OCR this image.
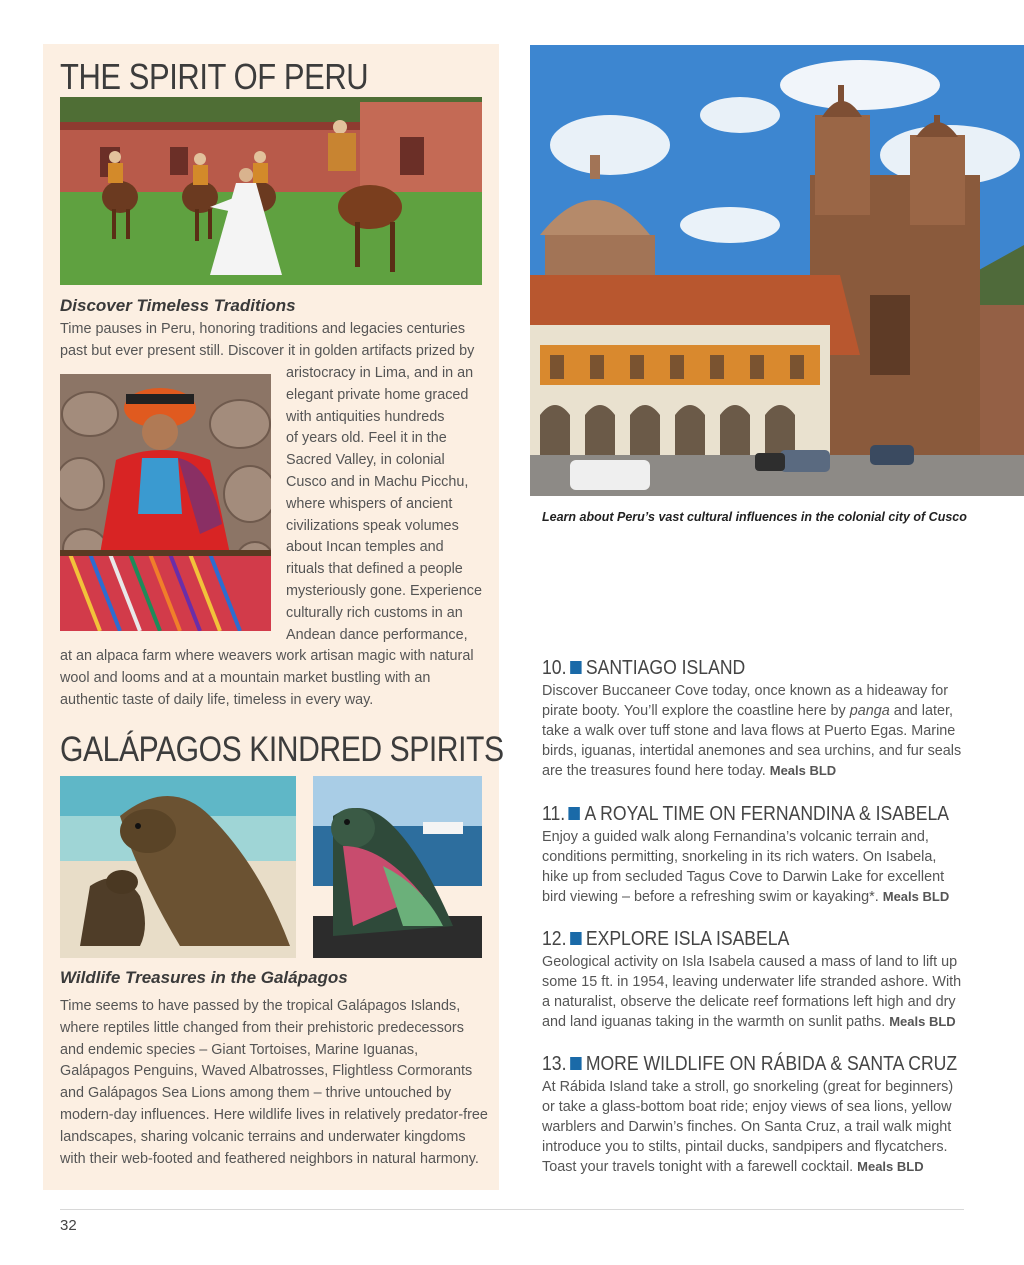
THE SPIRIT OF PERU
Discover Timeless Traditions
Time pauses in Peru, honoring traditions and legacies centuries
past but ever present still. Discover it in golden artifacts prized by
aristocracy in Lima, and in an
elegant private home graced
with antiquities hundreds
of years old. Feel it in the
Sacred Valley, in colonial
Cusco and in Machu Picchu,
where whispers of ancient
civilizations speak volumes
about Incan temples and
rituals that defined a people
mysteriously gone. Experience
culturally rich customs in an
Andean dance performance,
at an alpaca farm where weavers work artisan magic with natural
wool and looms and at a mountain market bustling with an
authentic taste of daily life, timeless in every way.
GALÁPAGOS KINDRED SPIRITS
Wildlife Treasures in the Galápagos
Time seems to have passed by the tropical Galápagos Islands,
where reptiles little changed from their prehistoric predecessors
and endemic species – Giant Tortoises, Marine Iguanas,
Galápagos Penguins, Waved Albatrosses, Flightless Cormorants
and Galápagos Sea Lions among them – thrive untouched by
modern-day influences. Here wildlife lives in relatively predator-free
landscapes, sharing volcanic terrains and underwater kingdoms
with their web-footed and feathered neighbors in natural harmony.
Learn about Peru’s vast cultural influences in the colonial city of Cusco
10. SANTIAGO ISLAND
Discover Buccaneer Cove today, once known as a hideaway for
pirate booty. You’ll explore the coastline here by panga and later,
take a walk over tuff stone and lava flows at Puerto Egas. Marine
birds, iguanas, intertidal anemones and sea urchins, and fur seals
are the treasures found here today. Meals BLD
11. A ROYAL TIME ON FERNANDINA & ISABELA
Enjoy a guided walk along Fernandina’s volcanic terrain and,
conditions permitting, snorkeling in its rich waters. On Isabela,
hike up from secluded Tagus Cove to Darwin Lake for excellent
bird viewing – before a refreshing swim or kayaking*. Meals BLD
12. EXPLORE ISLA ISABELA
Geological activity on Isla Isabela caused a mass of land to lift up
some 15 ft. in 1954, leaving underwater life stranded ashore. With
a naturalist, observe the delicate reef formations left high and dry
and land iguanas taking in the warmth on sunlit paths. Meals BLD
13. MORE WILDLIFE ON RÁBIDA & SANTA CRUZ
At Rábida Island take a stroll, go snorkeling (great for beginners)
or take a glass-bottom boat ride; enjoy views of sea lions, yellow
warblers and Darwin’s finches. On Santa Cruz, a trail walk might
introduce you to stilts, pintail ducks, sandpipers and flycatchers.
Toast your travels tonight with a farewell cocktail. Meals BLD
32
